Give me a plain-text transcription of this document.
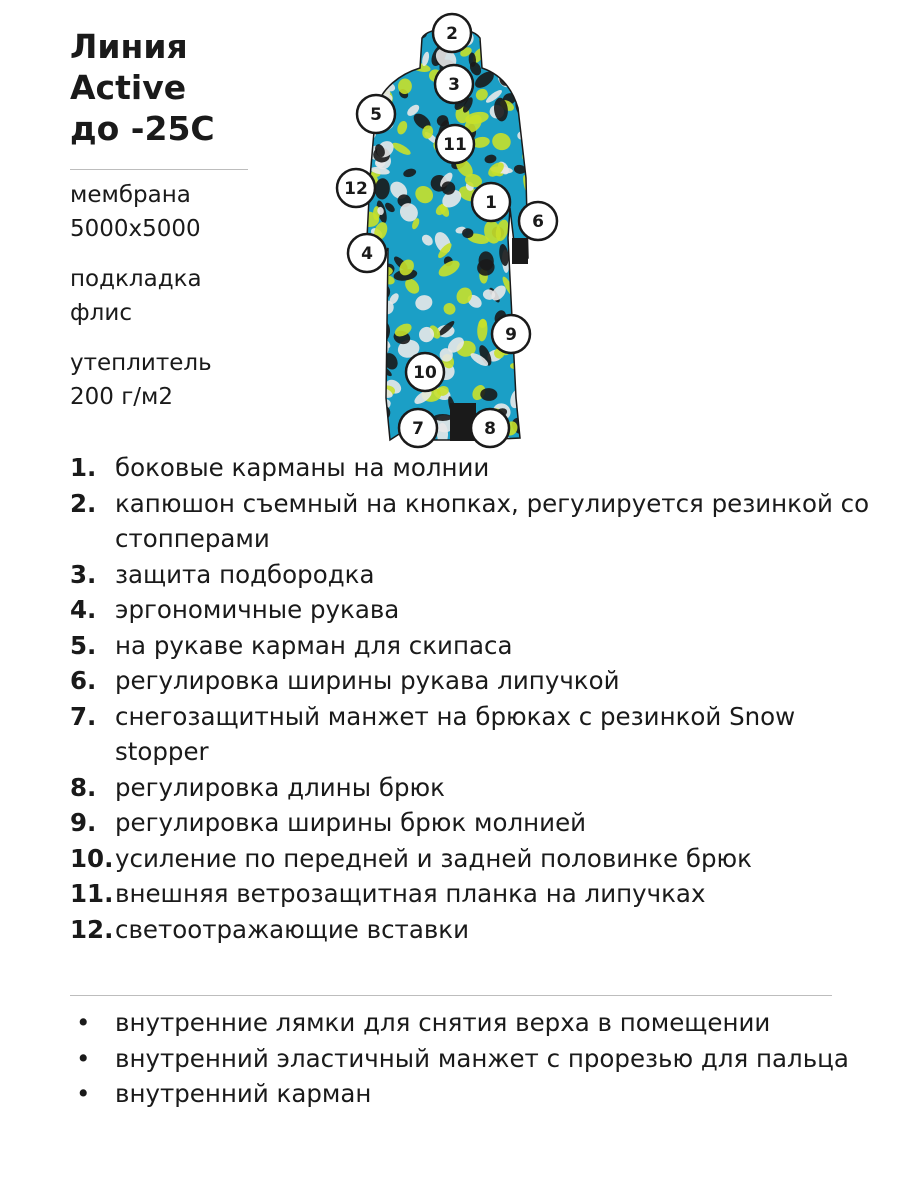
Линия
Active
до -25С
мембрана
5000х5000
подкладка
флис
утеплитель
200 г/м2
1
2
3
4
5
6
7	8
9
10
11
12
1. боковые карманы на молнии
2. капюшон съемный на кнопках, регулируется резинкой со стопперами
3. защита подбородка
4. эргономичные рукава
5. на рукаве карман для скипаса
6. регулировка ширины рукава липучкой
7. снегозащитный манжет на брюках с резинкой Snow stopper
8. регулировка длины брюк
9. регулировка ширины брюк молнией
10. усиление по передней и задней половинке брюк
11. внешняя ветрозащитная планка на липучках
12. светоотражающие вставки
•	внутренние лямки для снятия верха в помещении
•	внутренний эластичный манжет с прорезью для пальца
•	внутренний карман
